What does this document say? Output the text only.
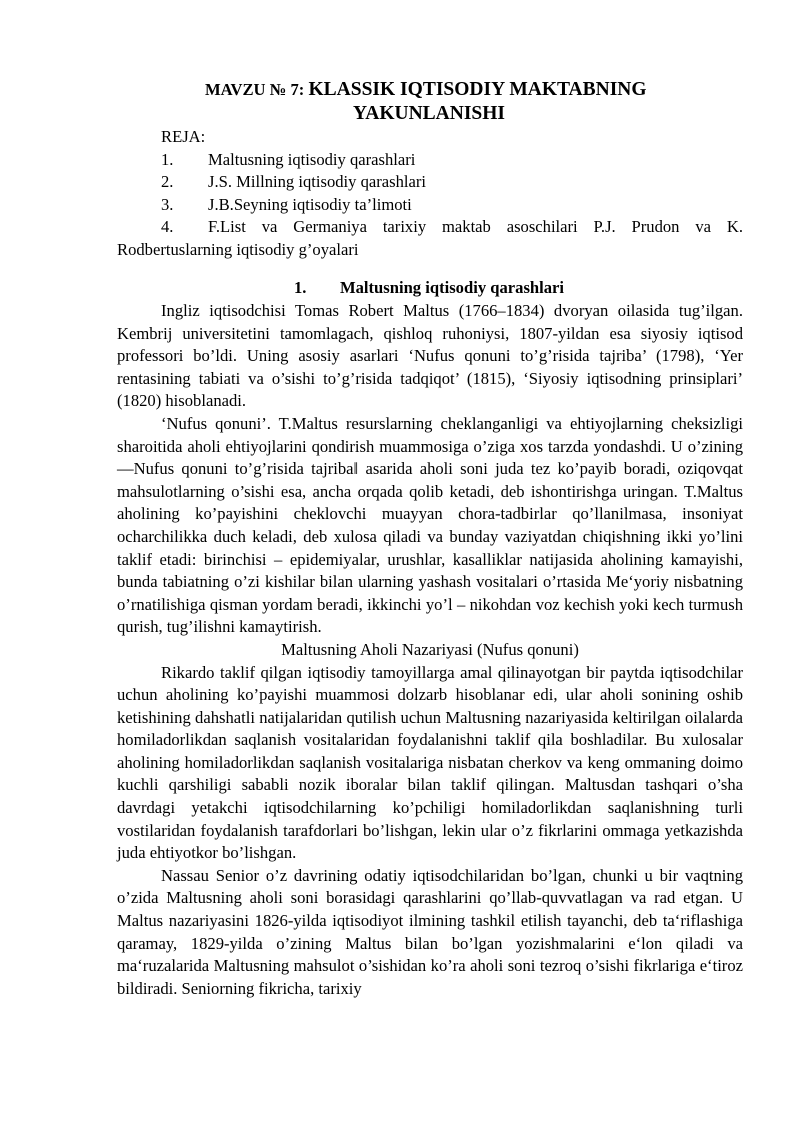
MAVZU № 7: KLASSIK IQTISODIY MAKTABNING
YAKUNLANISHI
REJA:
1. Maltusning iqtisodiy qarashlari
2. J.S. Millning iqtisodiy qarashlari
3. J.B.Seyning iqtisodiy ta’limoti
4. F.List va Germaniya tarixiy maktab asoschilari P.J. Prudon va K.
Rodbertuslarning iqtisodiy g’oyalari
1. Maltusning iqtisodiy qarashlari

Ingliz iqtisodchisi Tomas Robert Maltus (1766–1834) dvoryan oilasida tug’ilgan. Kembrij universitetini tamomlagach, qishloq ruhoniysi, 1807-yildan esa siyosiy iqtisod professori bo’ldi. Uning asosiy asarlari ‘Nufus qonuni to’g’risida tajriba’ (1798), ‘Yer rentasining tabiati va o’sishi to’g’risida tadqiqot’ (1815), ‘Siyosiy iqtisodning prinsiplari’ (1820) hisoblanadi.

‘Nufus qonuni’. T.Maltus resurslarning cheklanganligi va ehtiyojlarning cheksizligi sharoitida aholi ehtiyojlarini qondirish muammosiga o’ziga xos tarzda yondashdi. U o’zining ―Nufus qonuni to’g’risida tajriba‖ asarida aholi soni juda tez ko’payib boradi, oziqovqat mahsulotlarning o’sishi esa, ancha orqada qolib ketadi, deb ishontirishga uringan. T.Maltus aholining ko’payishini cheklovchi muayyan chora-tadbirlar qo’llanilmasa, insoniyat ocharchilikka duch keladi, deb xulosa qiladi va bunday vaziyatdan chiqishning ikki yo’lini taklif etadi: birinchisi – epidemiyalar, urushlar, kasalliklar natijasida aholining kamayishi, bunda tabiatning o’zi kishilar bilan ularning yashash vositalari o’rtasida Me‘yoriy nisbatning o’rnatilishiga qisman yordam beradi, ikkinchi yo’l – nikohdan voz kechish yoki kech turmush qurish, tug’ilishni kamaytirish.

Maltusning Aholi Nazariyasi (Nufus qonuni)

Rikardo taklif qilgan iqtisodiy tamoyillarga amal qilinayotgan bir paytda iqtisodchilar uchun aholining ko’payishi muammosi dolzarb hisoblanar edi, ular aholi sonining oshib ketishining dahshatli natijalaridan qutilish uchun Maltusning nazariyasida keltirilgan oilalarda homiladorlikdan saqlanish vositalaridan foydalanishni taklif qila boshladilar. Bu xulosalar aholining homiladorlikdan saqlanish vositalariga nisbatan cherkov va keng ommaning doimo kuchli qarshiligi sababli nozik iboralar bilan taklif qilingan. Maltusdan tashqari o’sha davrdagi yetakchi iqtisodchilarning ko’pchiligi homiladorlikdan saqlanishning turli vostilaridan foydalanish tarafdorlari bo’lishgan, lekin ular o’z fikrlarini ommaga yetkazishda juda ehtiyotkor bo’lishgan.

Nassau Senior o’z davrining odatiy iqtisodchilaridan bo’lgan, chunki u bir vaqtning o’zida Maltusning aholi soni borasidagi qarashlarini qo’llab-quvvatlagan va rad etgan. U Maltus nazariyasini 1826-yilda iqtisodiyot ilmining tashkil etilish tayanchi, deb ta‘riflashiga qaramay, 1829-yilda o’zining Maltus bilan bo’lgan yozishmalarini e‘lon qiladi va ma‘ruzalarida Maltusning mahsulot o’sishidan ko’ra aholi soni tezroq o’sishi fikrlariga e‘tiroz bildiradi. Seniorning fikricha, tarixiy
